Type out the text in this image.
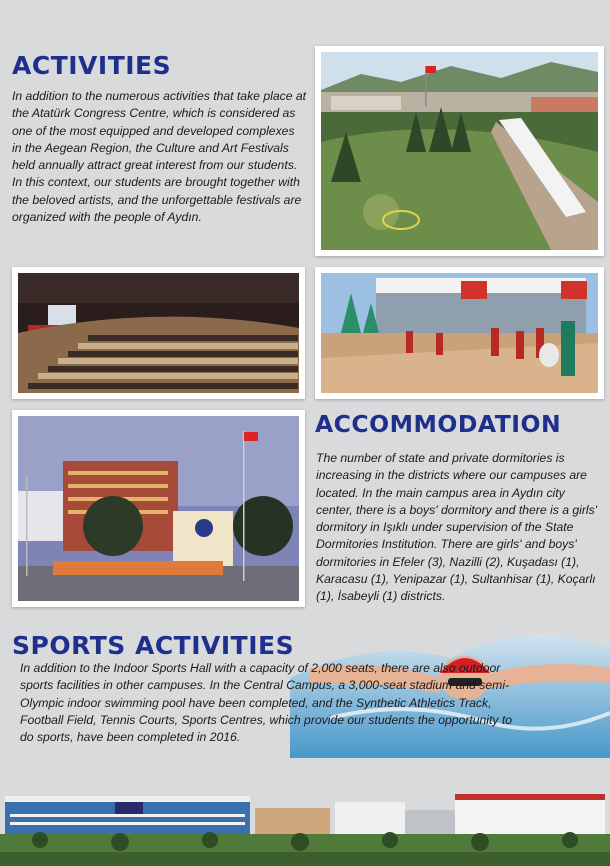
ACTIVITIES

In addition to the numerous activities that take place at the Atatürk Congress Centre, which is considered as one of the most equipped and developed complexes in the Aegean Region, the Culture and Art Festivals held annually attract great interest from our students. In this context, our students are brought together with the beloved artists, and the unforgettable festivals are organized with the people of Aydın.

ACCOMMODATION

The number of state and private dormitories is increasing in the districts where our campuses are located. In the main campus area in Aydın city center, there is a boys' dormitory and there is a girls' dormitory in Işıklı under supervision of the State Dormitories Institution. There are girls' and boys' dormitories in Efeler (3), Nazilli (2), Kuşadası (1), Karacasu (1), Yenipazar (1), Sultanhisar (1), Koçarlı (1), İsabeyli (1) districts.

SPORTS ACTIVITIES

In addition to the Indoor Sports Hall with a capacity of 2,000 seats, there are also outdoor sports facilities in other campuses. In the Central Campus, a 3,000-seat stadium and semi-Olympic indoor swimming pool have been completed, and the Synthetic Athletics Track, Football Field, Tennis Courts, Sports Centres, which provide our students the opportunity to do sports, have been completed in 2016.
